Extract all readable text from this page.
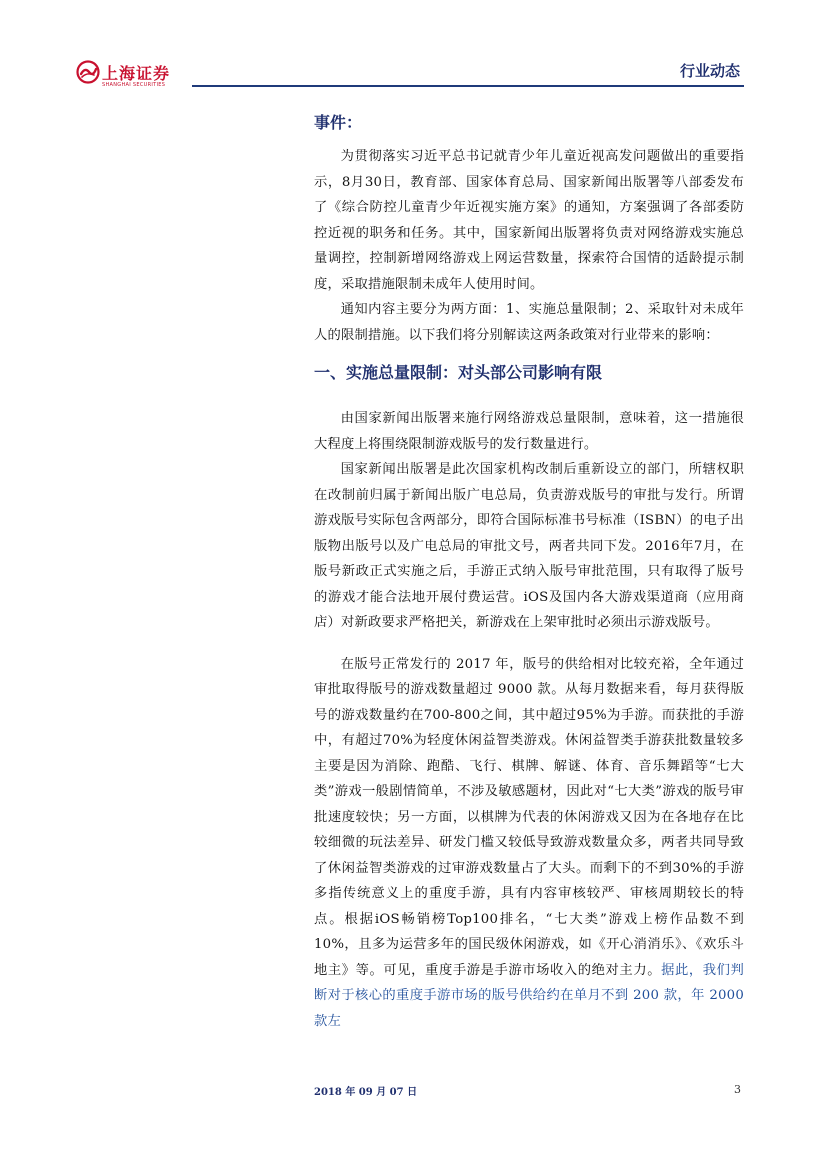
上海证券
SHANGHAI SECURITIES
行业动态
事件：

为贯彻落实习近平总书记就青少年儿童近视高发问题做出的重要指示，8月30日，教育部、国家体育总局、国家新闻出版署等八部委发布了《综合防控儿童青少年近视实施方案》的通知，方案强调了各部委防控近视的职务和任务。其中，国家新闻出版署将负责对网络游戏实施总量调控，控制新增网络游戏上网运营数量，探索符合国情的适龄提示制度，采取措施限制未成年人使用时间。

通知内容主要分为两方面：1、实施总量限制；2、采取针对未成年人的限制措施。以下我们将分别解读这两条政策对行业带来的影响：

一、实施总量限制：对头部公司影响有限

由国家新闻出版署来施行网络游戏总量限制，意味着，这一措施很大程度上将围绕限制游戏版号的发行数量进行。

国家新闻出版署是此次国家机构改制后重新设立的部门，所辖权职在改制前归属于新闻出版广电总局，负责游戏版号的审批与发行。所谓游戏版号实际包含两部分，即符合国际标准书号标准（ISBN）的电子出版物出版号以及广电总局的审批文号，两者共同下发。2016年7月，在版号新政正式实施之后，手游正式纳入版号审批范围，只有取得了版号的游戏才能合法地开展付费运营。iOS及国内各大游戏渠道商（应用商店）对新政要求严格把关，新游戏在上架审批时必须出示游戏版号。

在版号正常发行的 2017 年，版号的供给相对比较充裕，全年通过审批取得版号的游戏数量超过 9000 款。从每月数据来看，每月获得版号的游戏数量约在700-800之间，其中超过95%为手游。而获批的手游中，有超过70%为轻度休闲益智类游戏。休闲益智类手游获批数量较多主要是因为消除、跑酷、飞行、棋牌、解谜、体育、音乐舞蹈等“七大类”游戏一般剧情简单，不涉及敏感题材，因此对“七大类”游戏的版号审批速度较快；另一方面，以棋牌为代表的休闲游戏又因为在各地存在比较细微的玩法差异、研发门槛又较低导致游戏数量众多，两者共同导致了休闲益智类游戏的过审游戏数量占了大头。而剩下的不到30%的手游多指传统意义上的重度手游，具有内容审核较严、审核周期较长的特点。根据iOS畅销榜Top100排名，“七大类”游戏上榜作品数不到10%，且多为运营多年的国民级休闲游戏，如《开心消消乐》、《欢乐斗地主》等。可见，重度手游是手游市场收入的绝对主力。据此，我们判断对于核心的重度手游市场的版号供给约在单月不到 200 款，年 2000 款左

2018 年 09 月 07 日	3
